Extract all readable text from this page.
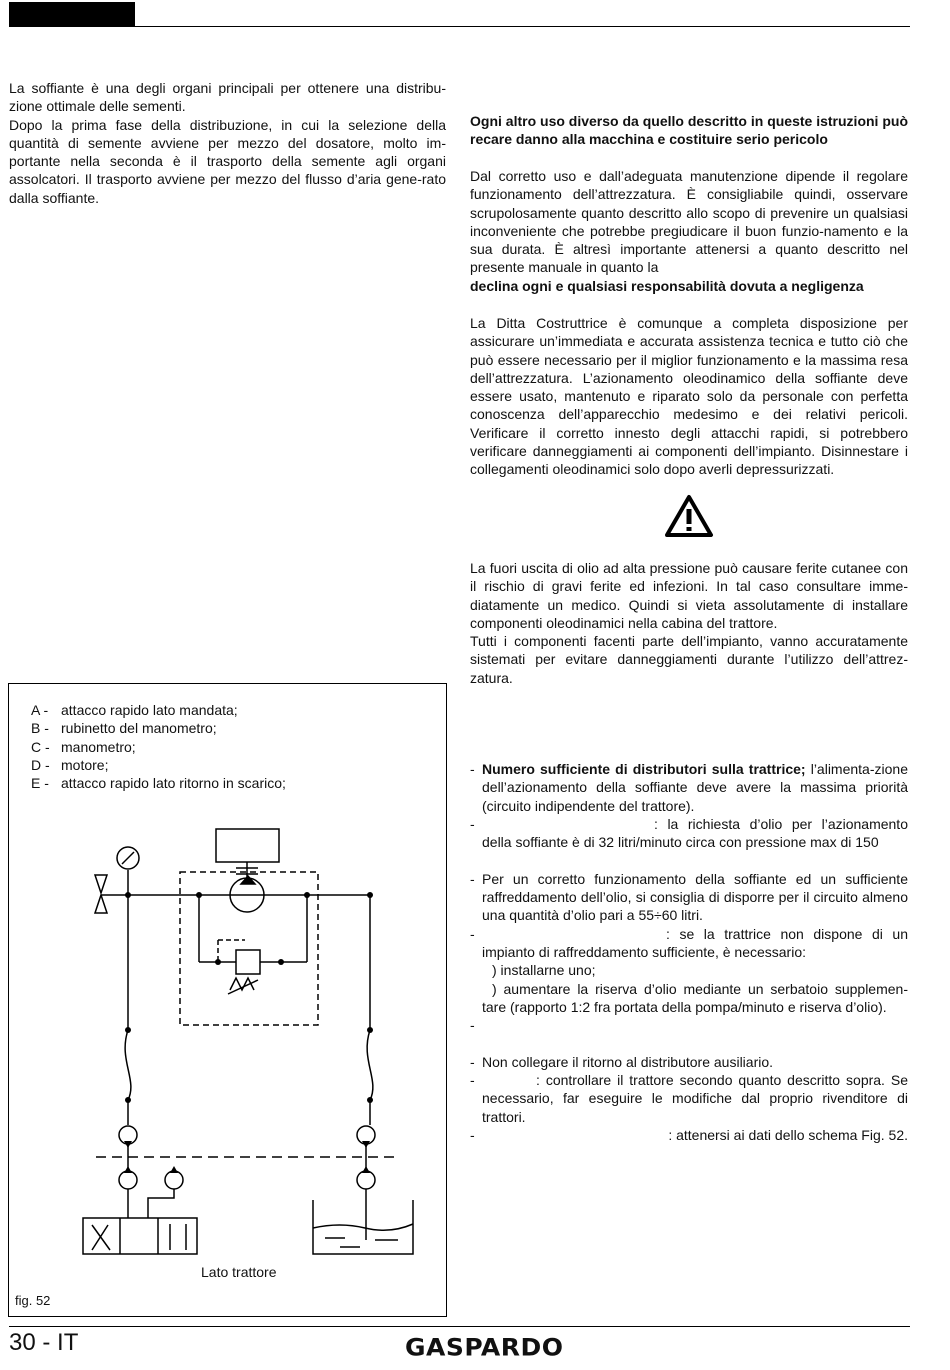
La soffiante è una degli organi principali per ottenere una distribu-zione ottimale delle sementi.

Dopo la prima fase della distribuzione, in cui la selezione della quantità di semente avviene per mezzo del dosatore, molto im-portante nella seconda è il trasporto della semente agli organi assolcatori. Il trasporto avviene per mezzo del flusso d’aria gene-rato dalla soffiante.

Ogni altro uso diverso da quello descritto in queste istruzioni può recare danno alla macchina e costituire serio pericolo

Dal corretto uso e dall’adeguata manutenzione dipende il regolare funzionamento dell’attrezzatura. È consigliabile quindi, osservare scrupolosamente quanto descritto allo scopo di prevenire un qualsiasi inconveniente che potrebbe pregiudicare il buon funzio-namento e la sua durata. È altresì importante attenersi a quanto descritto nel presente manuale in quanto la

declina ogni e qualsiasi responsabilità dovuta a negligenza

La Ditta Costruttrice è comunque a completa disposizione per assicurare un’immediata e accurata assistenza tecnica e tutto ciò che può essere necessario per il miglior funzionamento e la massima resa dell’attrezzatura. L’azionamento oleodinamico della soffiante deve essere usato, mantenuto e riparato solo da personale con perfetta conoscenza dell’apparecchio medesimo e dei relativi pericoli. Verificare il corretto innesto degli attacchi rapidi, si potrebbero verificare danneggiamenti ai componenti dell’impianto. Disinnestare i collegamenti oleodinamici solo dopo averli depressurizzati.

La fuori uscita di olio ad alta pressione può causare ferite cutanee con il rischio di gravi ferite ed infezioni. In tal caso consultare imme-diatamente un medico. Quindi si vieta assolutamente di installare componenti oleodinamici nella cabina del trattore.

Tutti i componenti facenti parte dell’impianto, vanno accuratamente sistemati per evitare danneggiamenti durante l’utilizzo dell’attrez-zatura.

- Numero sufficiente di distributori sulla trattrice; l’alimenta-zione dell’azionamento della soffiante deve avere la massima priorità (circuito indipendente del trattore).
-	: la richiesta d’olio per l’azionamento della soffiante è di 32 litri/minuto circa con pressione max di 150
- Per un corretto funzionamento della soffiante ed un sufficiente raffreddamento dell’olio, si consiglia di disporre per il circuito almeno una quantità d’olio pari a 55÷60 litri.
-	: se la trattrice non dispone di un impianto di raffreddamento sufficiente, è necessario:
) installarne uno;
) aumentare la riserva d’olio mediante un serbatoio supplemen-tare (rapporto 1:2 fra portata della pompa/minuto e riserva d’olio).
-
- Non collegare il ritorno al distributore ausiliario.
-	: controllare il trattore secondo quanto descritto sopra. Se necessario, far eseguire le modifiche dal proprio rivenditore di trattori.
-	: attenersi ai dati dello schema Fig. 52.
A - attacco rapido lato mandata;
B - rubinetto del manometro;
C - manometro;
D - motore;
E - attacco rapido lato ritorno in scarico;
Lato trattore
fig. 52
30 - IT	GASPARDO
